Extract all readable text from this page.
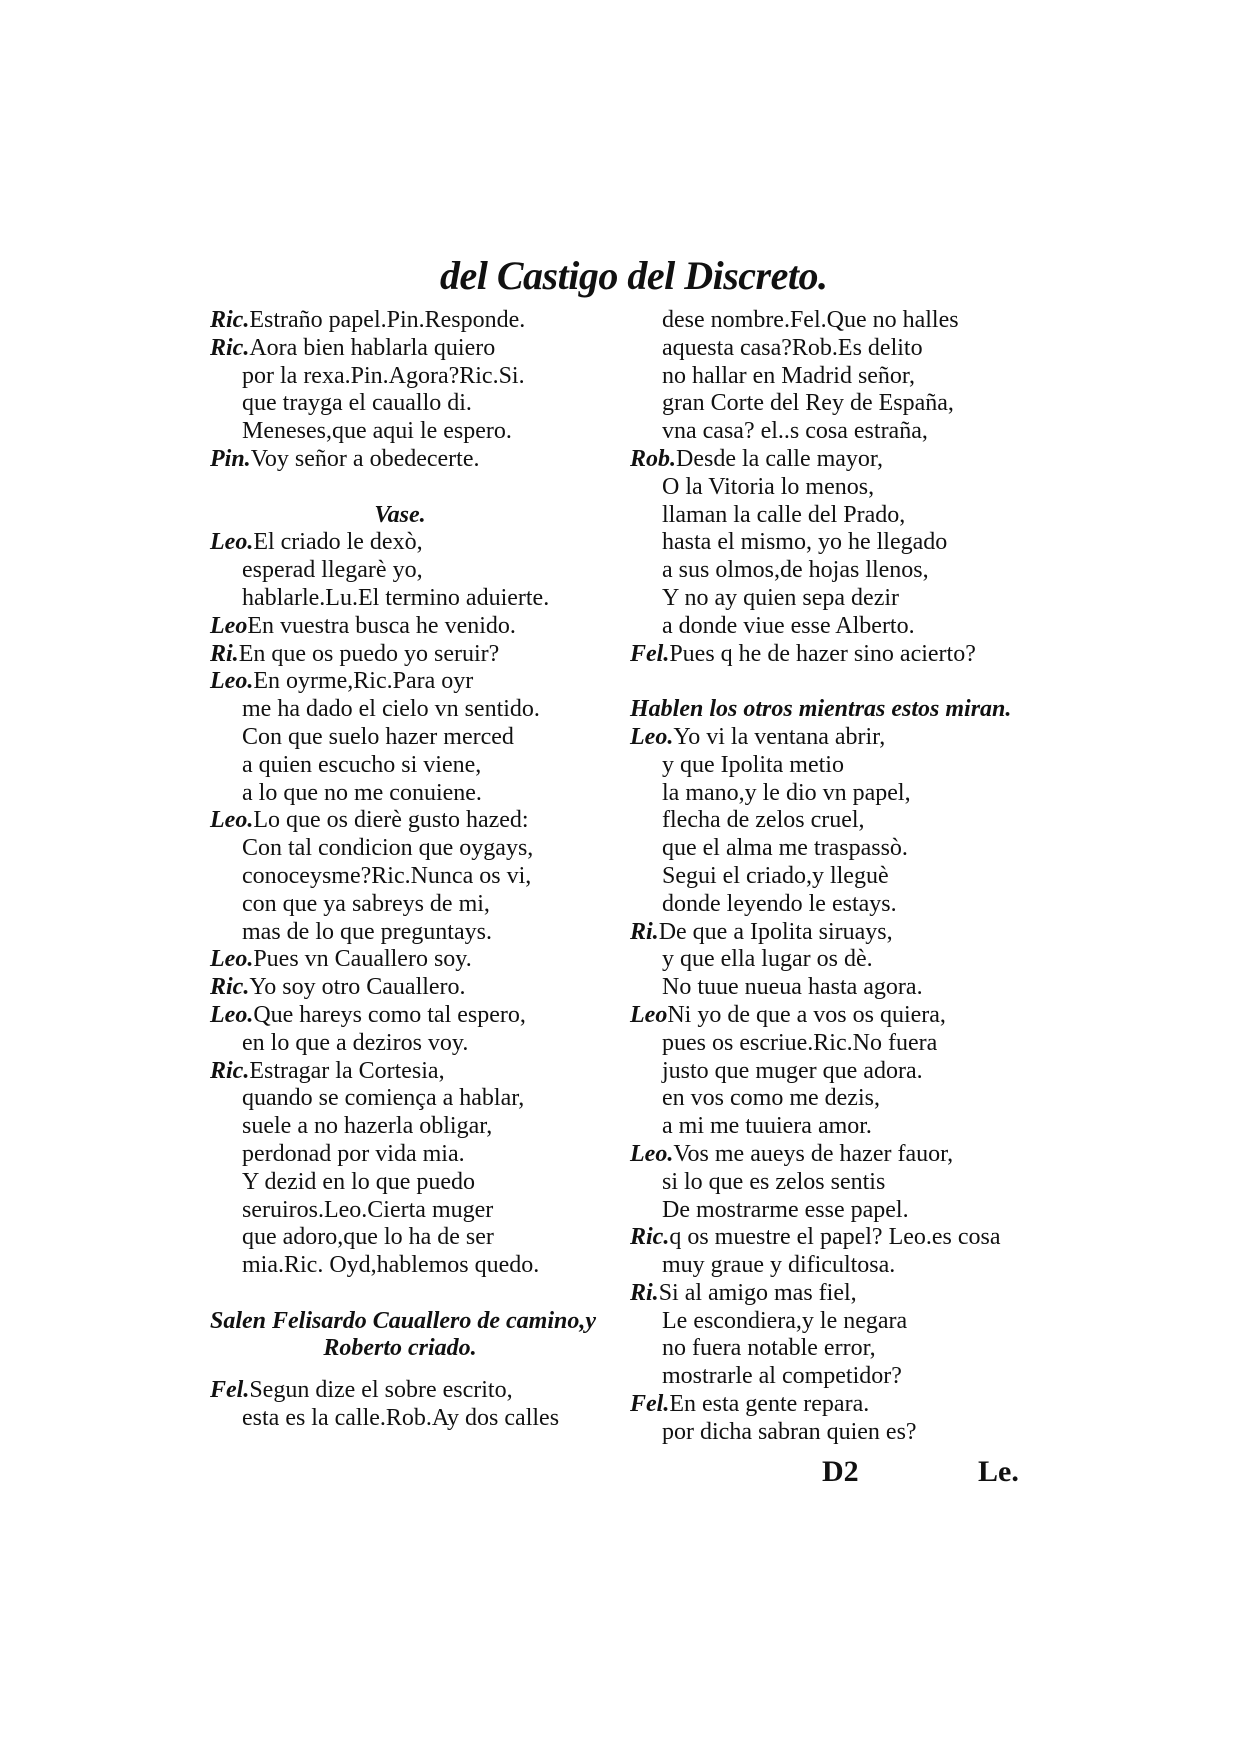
del Castigo del Discreto.
Ric.Estraño papel.Pin.Responde.
Ric.Aora bien hablarla quiero
por la rexa.Pin.Agora?Ric.Si.
que trayga el cauallo di.
Meneses,que aqui le espero.
Pin.Voy señor a obedecerte.
Vase.
Leo.El criado le dexò,
esperad llegarè yo,
hablarle.Lu.El termino aduierte.
LeoEn vuestra busca he venido.
Ri.En que os puedo yo seruir?
Leo.En oyrme,Ric.Para oyr
me ha dado el cielo vn sentido.
Con que suelo hazer merced
a quien escucho si viene,
a lo que no me conuiene.
Leo.Lo que os dierè gusto hazed:
Con tal condicion que oygays,
conoceysme?Ric.Nunca os vi,
con que ya sabreys de mi,
mas de lo que preguntays.
Leo.Pues vn Cauallero soy.
Ric.Yo soy otro Cauallero.
Leo.Que hareys como tal espero,
en lo que a deziros voy.
Ric.Estragar la Cortesia,
quando se comiença a hablar,
suele a no hazerla obligar,
perdonad por vida mia.
Y dezid en lo que puedo
seruiros.Leo.Cierta muger
que adoro,que lo ha de ser
mia.Ric. Oyd,hablemos quedo.
Salen Felisardo Cauallero de camino,y
Roberto criado.
Fel.Segun dize el sobre escrito,
esta es la calle.Rob.Ay dos calles
dese nombre.Fel.Que no halles
aquesta casa?Rob.Es delito
no hallar en Madrid señor,
gran Corte del Rey de España,
vna casa? el..s cosa estraña,
Rob.Desde la calle mayor,
O la Vitoria lo menos,
llaman la calle del Prado,
hasta el mismo, yo he llegado
a sus olmos,de hojas llenos,
Y no ay quien sepa dezir
a donde viue esse Alberto.
Fel.Pues q he de hazer sino acierto?
Hablen los otros mientras estos miran.
Leo.Yo vi la ventana abrir,
y que Ipolita metio
la mano,y le dio vn papel,
flecha de zelos cruel,
que el alma me traspassò.
Segui el criado,y lleguè
donde leyendo le estays.
Ri.De que a Ipolita siruays,
y que ella lugar os dè.
No tuue nueua hasta agora.
LeoNi yo de que a vos os quiera,
pues os escriue.Ric.No fuera
justo que muger que adora.
en vos como me dezis,
a mi me tuuiera amor.
Leo.Vos me aueys de hazer fauor,
si lo que es zelos sentis
De mostrarme esse papel.
Ric.q os muestre el papel? Leo.es cosa
muy graue y dificultosa.
Ri.Si al amigo mas fiel,
Le escondiera,y le negara
no fuera notable error,
mostrarle al competidor?
Fel.En esta gente repara.
por dicha sabran quien es?
D2	Le.
